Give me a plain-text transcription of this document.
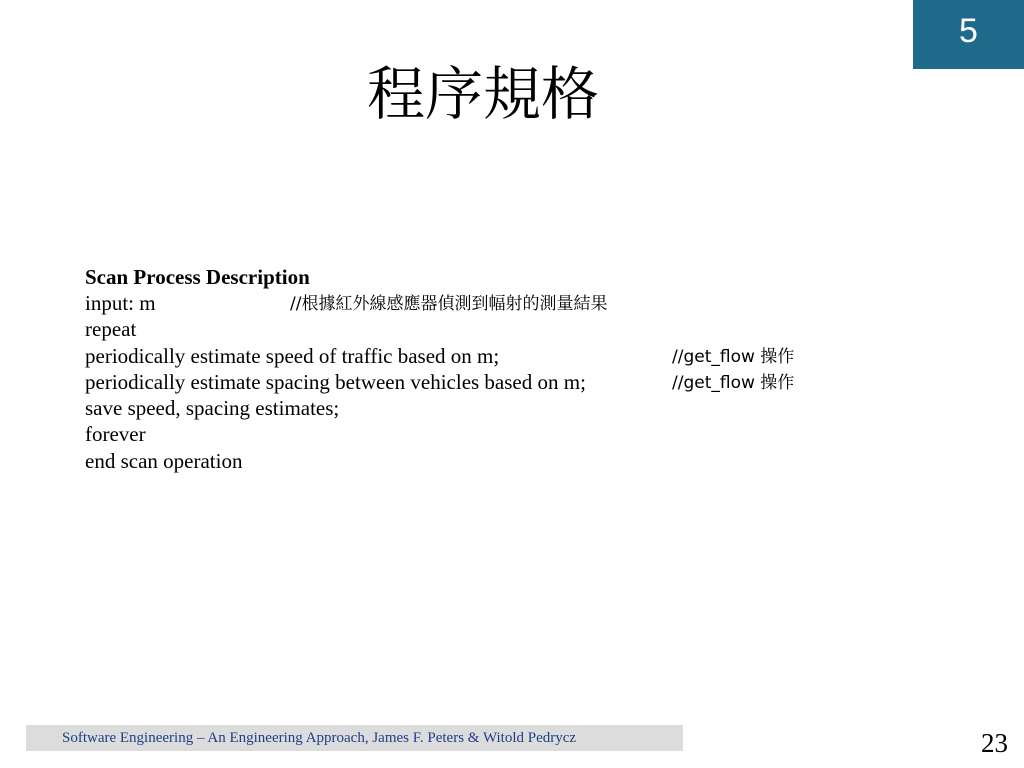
5
程序規格
Scan Process Description
input: m
repeat
periodically estimate speed of traffic based on m;
periodically estimate spacing between vehicles based on m;
save speed, spacing estimates;
forever
end scan operation
//根據紅外線感應器偵測到幅射的測量結果
//get_flow 操作
//get_flow 操作
Software Engineering – An Engineering Approach, James F. Peters & Witold Pedrycz	23
